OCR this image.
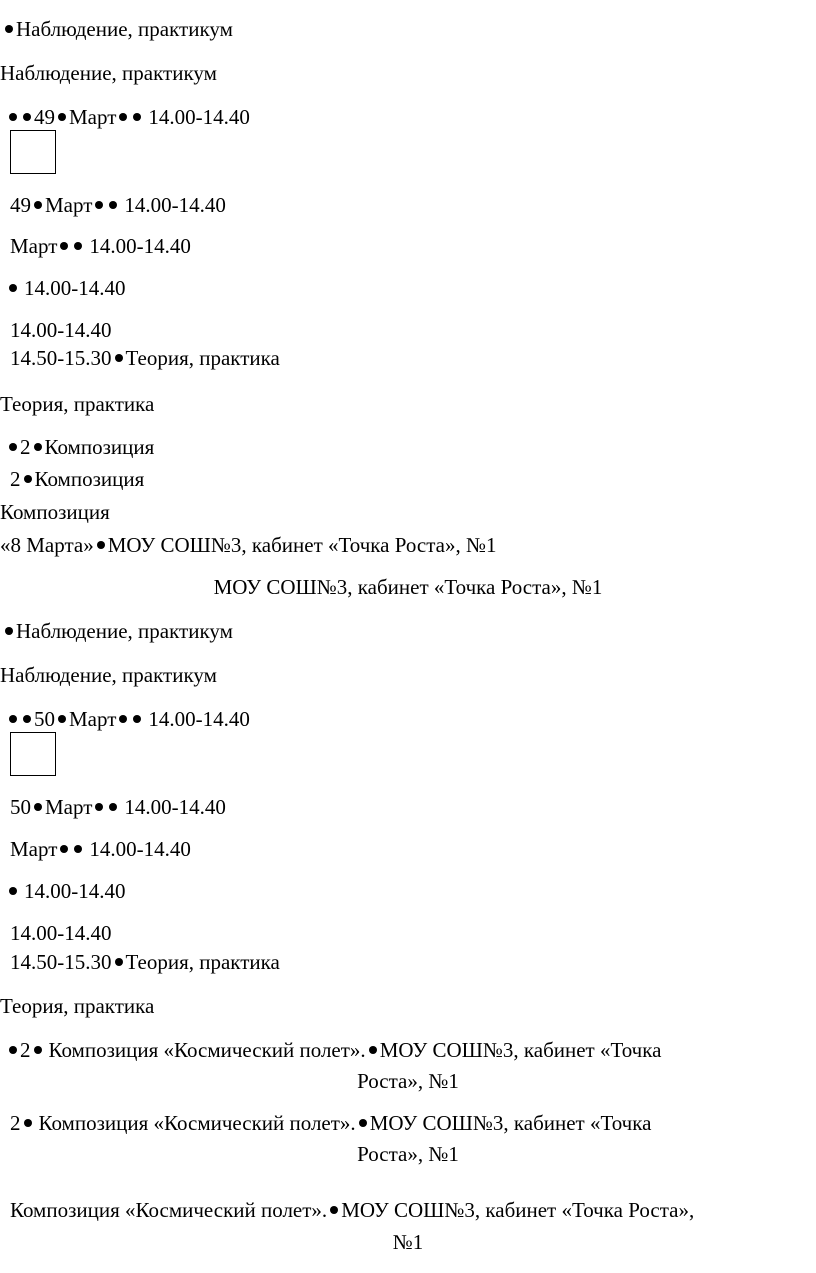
Наблюдение, практикум
Наблюдение, практикум
49 Март 14.00-14.40
49 Март 14.00-14.40
Март 14.00-14.40
14.00-14.40
14.00-14.40
14.50-15.30 Теория, практика
Теория, практика
2 Композиция
2 Композиция
Композиция
«8 Марта» МОУ СОШ№3, кабинет «Точка Роста», №1
МОУ СОШ№3, кабинет «Точка Роста», №1
Наблюдение, практикум
Наблюдение, практикум
50 Март 14.00-14.40
50 Март 14.00-14.40
Март 14.00-14.40
14.00-14.40
14.00-14.40
14.50-15.30 Теория, практика
Теория, практика
2 Композиция «Космический полет». МОУ СОШ№3, кабинет «Точка
Роста», №1
2 Композиция «Космический полет». МОУ СОШ№3, кабинет «Точка
Роста», №1
Композиция «Космический полет». МОУ СОШ№3, кабинет «Точка Роста»,
№1
